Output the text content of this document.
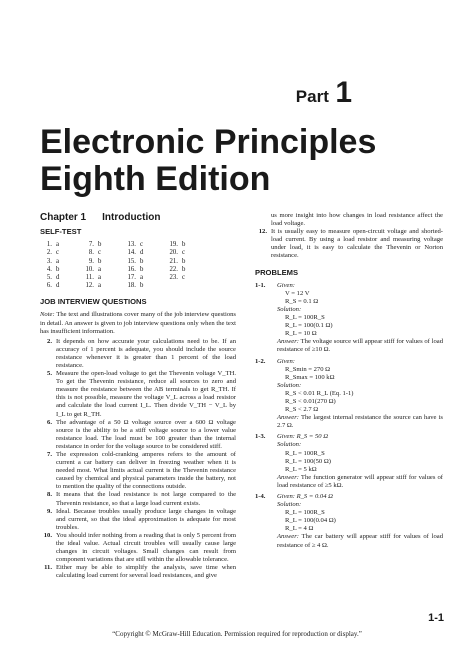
Part 1
Electronic Principles
Eighth Edition
Chapter 1 Introduction
SELF-TEST
1.	a	7.	b	13.	c	19.	b
2.	c	8.	c	14.	d	20.	c
3.	a	9.	b	15.	b	21.	b
4.	b	10.	a	16.	b	22.	b
5.	d	11.	a	17.	a	23.	c
6.	d	12.	a	18.	b		
JOB INTERVIEW QUESTIONS
Note: The text and illustrations cover many of the job interview questions in detail. An answer is given to job interview questions only when the text has insufficient information.
2. It depends on how accurate your calculations need to be. If an accuracy of 1 percent is adequate, you should include the source resistance whenever it is greater than 1 percent of the load resistance.
5. Measure the open-load voltage to get the Thevenin voltage V_TH. To get the Thevenin resistance, reduce all sources to zero and measure the resistance between the AB terminals to get R_TH. If this is not possible, measure the voltage V_L across a load resistor and calculate the load current I_L. Then divide V_TH − V_L by I_L to get R_TH.
6. The advantage of a 50 Ω voltage source over a 600 Ω voltage source is the ability to be a stiff voltage source to a lower value resistance load. The load must be 100 greater than the internal resistance in order for the voltage source to be considered stiff.
7. The expression cold-cranking amperes refers to the amount of current a car battery can deliver in freezing weather when it is needed most. What limits actual current is the Thevenin resistance caused by chemical and physical parameters inside the battery, not to mention the quality of the connections outside.
8. It means that the load resistance is not large compared to the Thevenin resistance, so that a large load current exists.
9. Ideal. Because troubles usually produce large changes in voltage and current, so that the ideal approximation is adequate for most troubles.
10. You should infer nothing from a reading that is only 5 percent from the ideal value. Actual circuit troubles will usually cause large changes in circuit voltages. Small changes can result from component variations that are still within the allowable tolerance.
11. Either may be able to simplify the analysis, save time when calculating load current for several load resistances, and give
us more insight into how changes in load resistance affect the load voltage.
12. It is usually easy to measure open-circuit voltage and shorted-load current. By using a load resistor and measuring voltage under load, it is easy to calculate the Thevenin or Norton resistance.
PROBLEMS
1-1. Given:
V = 12 V
R_S = 0.1 Ω
Solution:
R_L = 100R_S
R_L = 100(0.1 Ω)
R_L = 10 Ω
Answer: The voltage source will appear stiff for values of load resistance of ≥10 Ω.
1-2. Given:
R_Smin = 270 Ω
R_Smax = 100 kΩ
Solution:
R_S < 0.01 R_L (Eq. 1-1)
R_S < 0.01(270 Ω)
R_S < 2.7 Ω
Answer: The largest internal resistance the source can have is 2.7 Ω.
1-3. Given: R_S = 50 Ω
Solution:
R_L = 100R_S
R_L = 100(50 Ω)
R_L = 5 kΩ
Answer: The function generator will appear stiff for values of load resistance of ≥5 kΩ.
1-4. Given: R_S = 0.04 Ω
Solution:
R_L = 100R_S
R_L = 100(0.04 Ω)
R_L = 4 Ω
Answer: The car battery will appear stiff for values of load resistance of ≥ 4 Ω.
1-1
“Copyright © McGraw-Hill Education. Permission required for reproduction or display.”
